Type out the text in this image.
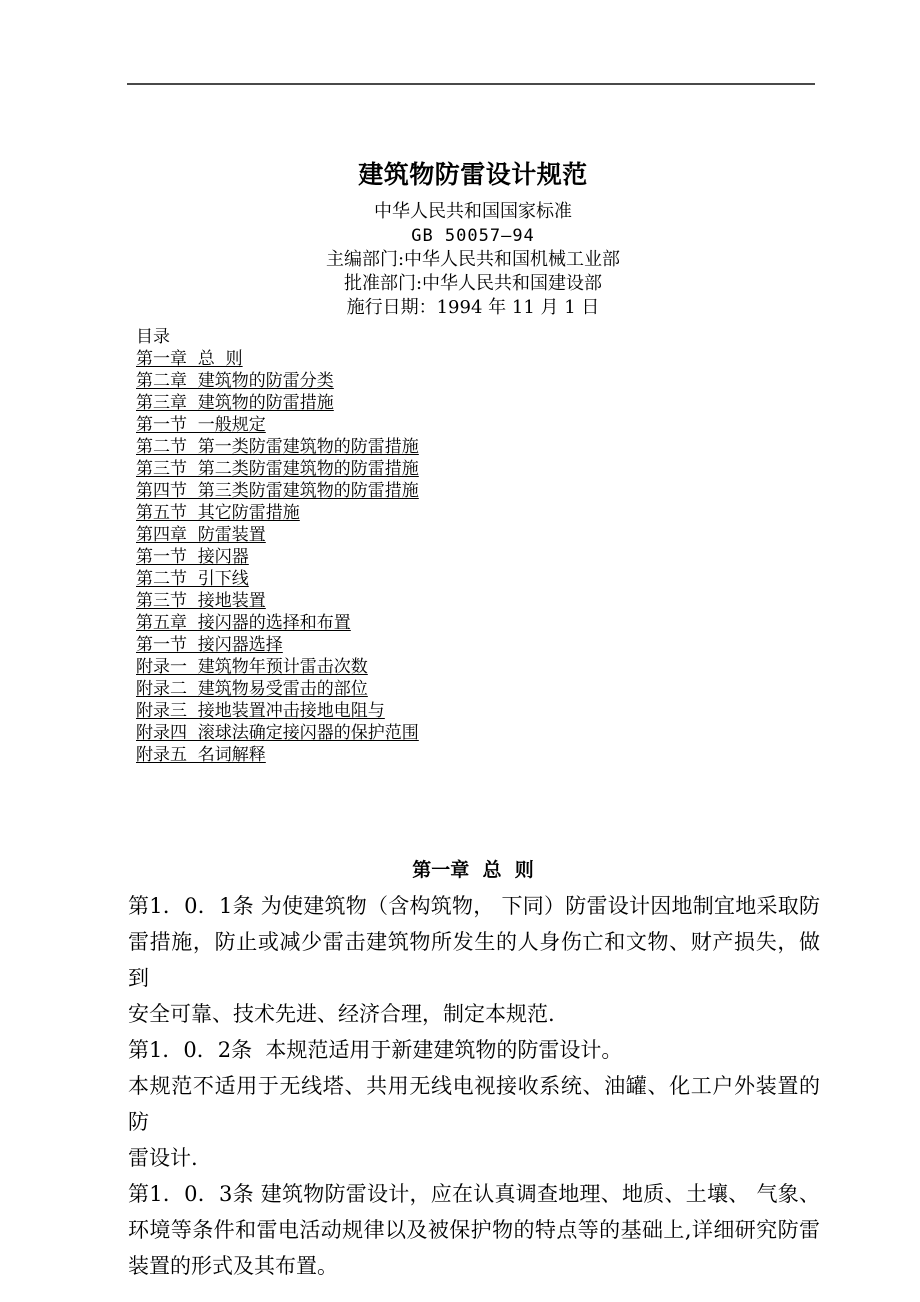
建筑物防雷设计规范
中华人民共和国国家标准
GB 50057—94
主编部门:中华人民共和国机械工业部
批准部门:中华人民共和国建设部
施行日期：1994 年 11 月 1 日
目录
第一章  总  则
第二章  建筑物的防雷分类
第三章  建筑物的防雷措施
第一节  一般规定
第二节  第一类防雷建筑物的防雷措施
第三节  第二类防雷建筑物的防雷措施
第四节  第三类防雷建筑物的防雷措施
第五节  其它防雷措施
第四章  防雷装置
第一节  接闪器
第二节  引下线
第三节  接地装置
第五章  接闪器的选择和布置
第一节  接闪器选择
附录一  建筑物年预计雷击次数
附录二  建筑物易受雷击的部位
附录三  接地装置冲击接地电阻与
附录四  滚球法确定接闪器的保护范围
附录五  名词解释
第一章  总  则
第1．0．1条 为使建筑物（含构筑物， 下同）防雷设计因地制宜地采取防
雷措施，防止或减少雷击建筑物所发生的人身伤亡和文物、财产损失，做到
安全可靠、技术先进、经济合理，制定本规范.
第1．0．2条  本规范适用于新建建筑物的防雷设计。
本规范不适用于无线塔、共用无线电视接收系统、油罐、化工户外装置的防
雷设计.
第1．0．3条 建筑物防雷设计，应在认真调查地理、地质、土壤、 气象、
环境等条件和雷电活动规律以及被保护物的特点等的基础上,详细研究防雷
装置的形式及其布置。
